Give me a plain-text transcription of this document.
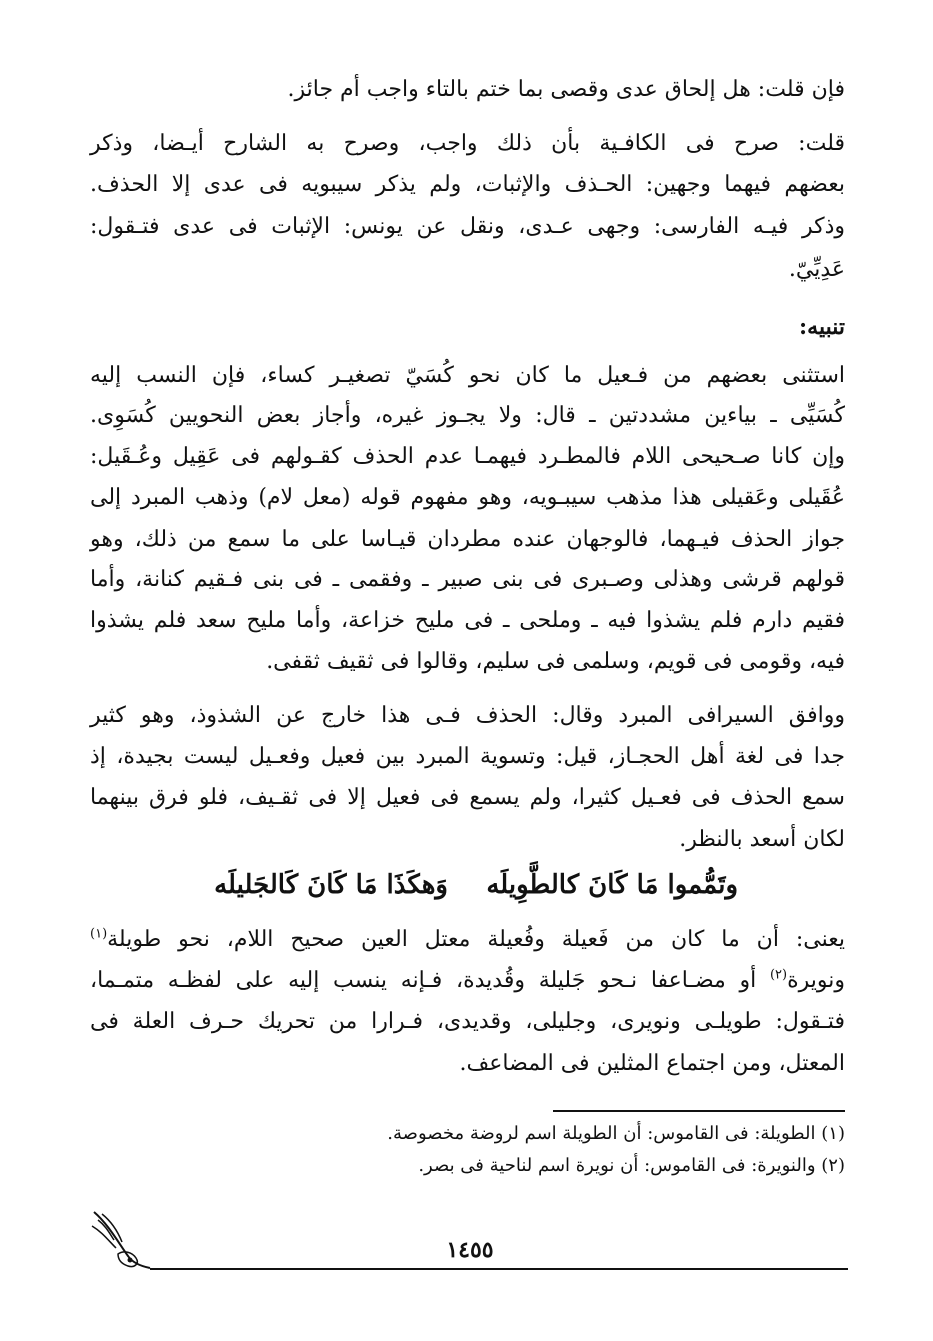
فإن قلت: هل إلحاق عدى وقصى بما ختم بالتاء واجب أم جائز.
قلت: صرح فى الكافـية بأن ذلك واجب، وصرح به الشارح أيـضا، وذكر
بعضهم فيهما وجهين: الحـذف والإثبات، ولم يذكر سيبويه فى عدى إلا الحذف.
وذكر فيـه الفارسى: وجهى عـدى، ونقل عن يونس: الإثبات فى عدى فتـقول:
عَدِيِّيّ.
تنبيه:
استثنى بعضهم من فـعيل ما كان نحو كُسَيّ تصغيـر كساء، فإن النسب إليه
كُسَيِّى ـ بياءين مشددتين ـ قال: ولا يجـوز غيره، وأجاز بعض النحويين كُسَوِى.
وإن كانا صـحيحى اللام فالمطـرد فيهمـا عدم الحذف كقـولهم فى عَقِيل وعُـقَيل:
عُقَيلى وعَقيلى هذا مذهب سيبـويه، وهو مفهوم قوله (معل لام) وذهب المبرد إلى
جواز الحذف فيـهما، فالوجهان عنده مطردان قيـاسا على ما سمع من ذلك، وهو
قولهم قرشى وهذلى وصـبرى فى بنى صبير ـ وفقمى ـ فى بنى فـقيم كنانة، وأما
فقيم دارم فلم يشذوا فيه ـ وملحى ـ فى مليح خزاعة، وأما مليح سعد فلم يشذوا
فيه، وقومى فى قويم، وسلمى فى سليم، وقالوا فى ثقيف ثقفى.
ووافق السيرافى المبرد وقال: الحذف فـى هذا خارج عن الشذوذ، وهو كثير
جدا فى لغة أهل الحجـاز، قيل: وتسوية المبرد بين فعيل وفعـيل ليست بجيدة، إذ
سمع الحذف فى فعـيل كثيرا، ولم يسمع فى فعيل إلا فى ثقـيف، فلو فرق بينهما
لكان أسعد بالنظر.
وتَمُّموا مَا كَانَ كالطَّوِيلَه
وَهكَذَا مَا كَانَ كَالجَليلَه
يعنى: أن ما كان من فَعيلة وفُعيلة معتل العين صحيح اللام، نحو طويلة$^{(١)}$
ونويرة$^{(٢)}$ أو مضـاعفا نـحو جَليلة وقُديدة، فـإنه ينسب إليه على لفظـه متمـما،
فتـقول: طويلـى ونويرى، وجليلى، وقديدى، فـرارا من تحريك حـرف العلة فى
المعتل، ومن اجتماع المثلين فى المضاعف.
(١) الطويلة: فى القاموس: أن الطويلة اسم لروضة مخصوصة.
(٢) والنويرة: فى القاموس: أن نويرة اسم لناحية فى بصر.
١٤٥٥
